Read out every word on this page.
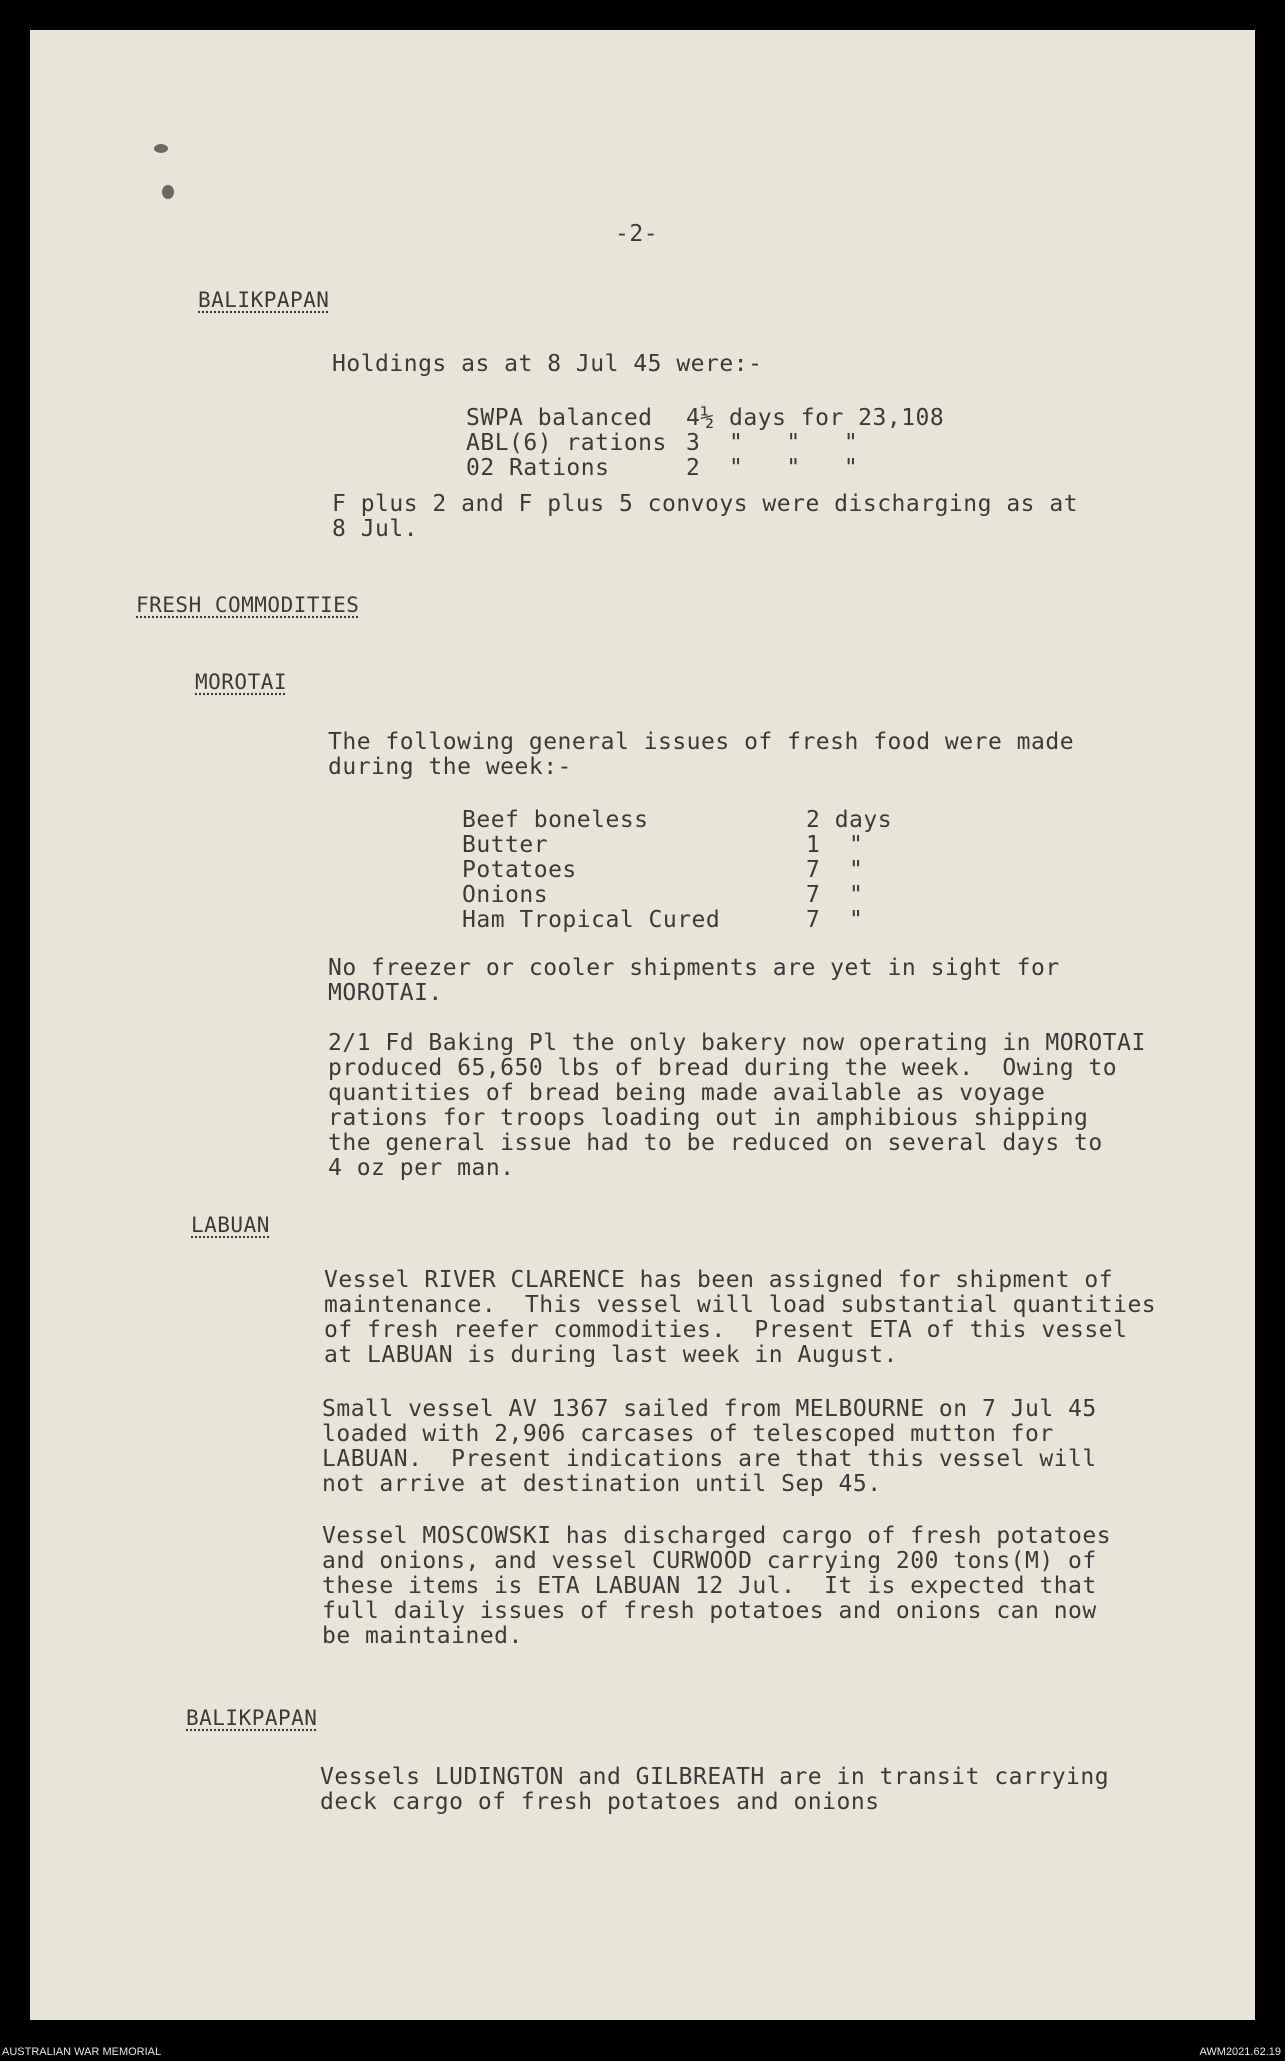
-2-
BALIKPAPAN
Holdings as at 8 Jul 45 were:-
SWPA balanced	4½ days for 23,108
ABL(6) rations	3  "   "   "
02 Rations	2  "   "   "
F plus 2 and F plus 5 convoys were discharging as at
8 Jul.
FRESH COMMODITIES
MOROTAI
The following general issues of fresh food were made
during the week:-
Beef boneless	2 days
Butter	1  "
Potatoes	7  "
Onions	7  "
Ham Tropical Cured	7  "
No freezer or cooler shipments are yet in sight for
MOROTAI.
2/1 Fd Baking Pl the only bakery now operating in MOROTAI
produced 65,650 lbs of bread during the week.  Owing to
quantities of bread being made available as voyage
rations for troops loading out in amphibious shipping
the general issue had to be reduced on several days to
4 oz per man.
LABUAN
Vessel RIVER CLARENCE has been assigned for shipment of
maintenance.  This vessel will load substantial quantities
of fresh reefer commodities.  Present ETA of this vessel
at LABUAN is during last week in August.
Small vessel AV 1367 sailed from MELBOURNE on 7 Jul 45
loaded with 2,906 carcases of telescoped mutton for
LABUAN.  Present indications are that this vessel will
not arrive at destination until Sep 45.
Vessel MOSCOWSKI has discharged cargo of fresh potatoes
and onions, and vessel CURWOOD carrying 200 tons(M) of
these items is ETA LABUAN 12 Jul.  It is expected that
full daily issues of fresh potatoes and onions can now
be maintained.
BALIKPAPAN
Vessels LUDINGTON and GILBREATH are in transit carrying
deck cargo of fresh potatoes and onions
AUSTRALIAN WAR MEMORIAL	AWM2021.62.19
